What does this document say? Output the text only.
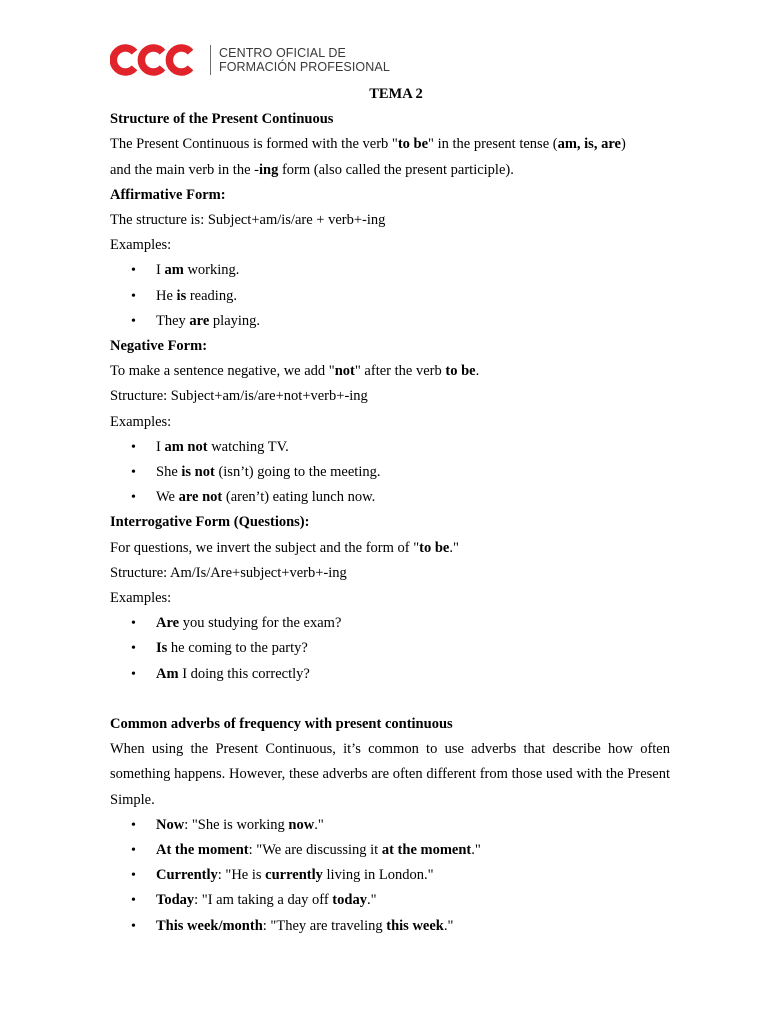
CENTRO OFICIAL DE
FORMACIÓN PROFESIONAL

TEMA 2

Structure of the Present Continuous

The Present Continuous is formed with the verb "to be" in the present tense (am, is, are)

and the main verb in the -ing form (also called the present participle).

Affirmative Form:

The structure is: Subject+am/is/are + verb+-ing

Examples:

• I am working.
• He is reading.
• They are playing.

Negative Form:

To make a sentence negative, we add "not" after the verb to be.

Structure: Subject+am/is/are+not+verb+-ing

Examples:

• I am not watching TV.
• She is not (isn’t) going to the meeting.
• We are not (aren’t) eating lunch now.

Interrogative Form (Questions):

For questions, we invert the subject and the form of "to be."

Structure: Am/Is/Are+subject+verb+-ing

Examples:

• Are you studying for the exam?
• Is he coming to the party?
• Am I doing this correctly?

Common adverbs of frequency with present continuous

When using the Present Continuous, it’s common to use adverbs that describe how often something happens. However, these adverbs are often different from those used with the Present Simple.

• Now: "She is working now."
• At the moment: "We are discussing it at the moment."
• Currently: "He is currently living in London."
• Today: "I am taking a day off today."
• This week/month: "They are traveling this week."
